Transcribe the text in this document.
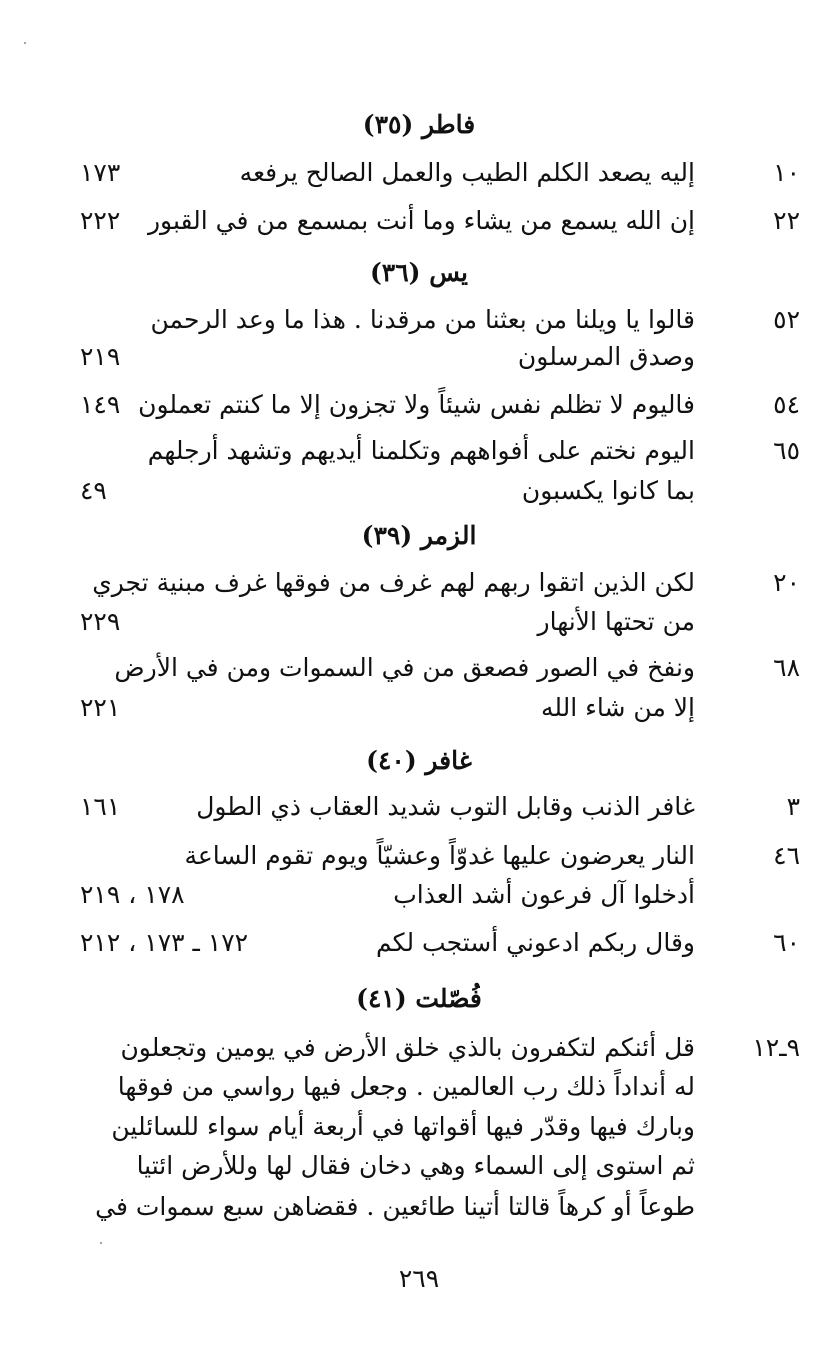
فاطر (٣٥)
١٠
إليه يصعد الكلم الطيب والعمل الصالح يرفعه
١٧٣
٢٢
إن الله يسمع من يشاء وما أنت بمسمع من في القبور
٢٢٢
يس (٣٦)
٥٢
قالوا يا ويلنا من بعثنا من مرقدنا . هذا ما وعد الرحمن
وصدق المرسلون
٢١٩
٥٤
فاليوم لا تظلم نفس شيئاً ولا تجزون إلا ما كنتم تعملون
١٤٩
٦٥
اليوم نختم على أفواههم وتكلمنا أيديهم وتشهد أرجلهم
بما كانوا يكسبون
٤٩
الزمر (٣٩)
٢٠
لكن الذين اتقوا ربهم لهم غرف من فوقها غرف مبنية تجري
من تحتها الأنهار
٢٢٩
٦٨
ونفخ في الصور فصعق من في السموات ومن في الأرض
إلا من شاء الله
٢٢١
غافر (٤٠)
٣
غافر الذنب وقابل التوب شديد العقاب ذي الطول
١٦١
٤٦
النار يعرضون عليها غدوّاً وعشيّاً ويوم تقوم الساعة
أدخلوا آل فرعون أشد العذاب
١٧٨ ، ٢١٩
٦٠
وقال ربكم ادعوني أستجب لكم
١٧٢ ـ ١٧٣ ، ٢١٢
فُصّلت (٤١)
٩ـ١٢
قل أئنكم لتكفرون بالذي خلق الأرض في يومين وتجعلون
له أنداداً ذلك رب العالمين . وجعل فيها رواسي من فوقها
وبارك فيها وقدّر فيها أقواتها في أربعة أيام سواء للسائلين
ثم استوى إلى السماء وهي دخان فقال لها وللأرض ائتيا
طوعاً أو كرهاً قالتا أتينا طائعين . فقضاهن سبع سموات في
٢٦٩
